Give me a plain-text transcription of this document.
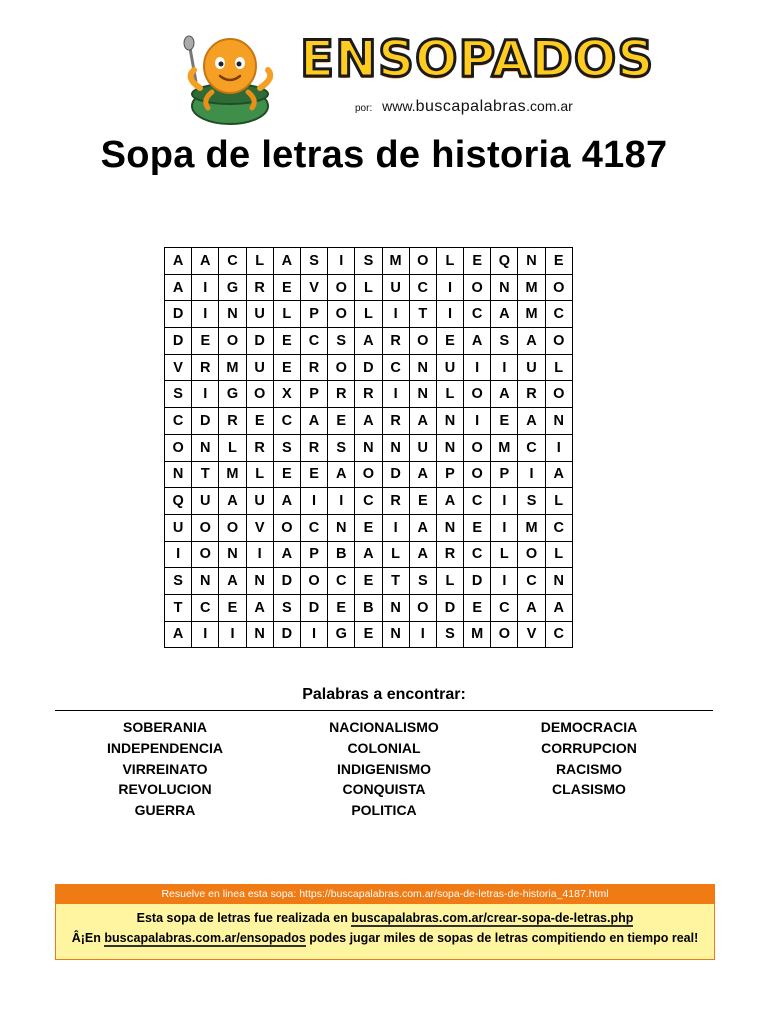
ENSOPADOS
por: www.buscapalabras.com.ar
Sopa de letras de historia 4187
A	A	C	L	A	S	I	S	M	O	L	E	Q	N	E
A	I	G	R	E	V	O	L	U	C	I	O	N	M	O
D	I	N	U	L	P	O	L	I	T	I	C	A	M	C
D	E	O	D	E	C	S	A	R	O	E	A	S	A	O
V	R	M	U	E	R	O	D	C	N	U	I	I	U	L
S	I	G	O	X	P	R	R	I	N	L	O	A	R	O
C	D	R	E	C	A	E	A	R	A	N	I	E	A	N
O	N	L	R	S	R	S	N	N	U	N	O	M	C	I
N	T	M	L	E	E	A	O	D	A	P	O	P	I	A
Q	U	A	U	A	I	I	C	R	E	A	C	I	S	L
U	O	O	V	O	C	N	E	I	A	N	E	I	M	C
I	O	N	I	A	P	B	A	L	A	R	C	L	O	L
S	N	A	N	D	O	C	E	T	S	L	D	I	C	N
T	C	E	A	S	D	E	B	N	O	D	E	C	A	A
A	I	I	N	D	I	G	E	N	I	S	M	O	V	C
Palabras a encontrar:
SOBERANIA
INDEPENDENCIA
VIRREINATO
REVOLUCION
GUERRA
NACIONALISMO
COLONIAL
INDIGENISMO
CONQUISTA
POLITICA
DEMOCRACIA
CORRUPCION
RACISMO
CLASISMO
Resuelve en linea esta sopa: https://buscapalabras.com.ar/sopa-de-letras-de-historia_4187.html
Esta sopa de letras fue realizada en buscapalabras.com.ar/crear-sopa-de-letras.php
Â¡En buscapalabras.com.ar/ensopados podes jugar miles de sopas de letras compitiendo en tiempo real!
